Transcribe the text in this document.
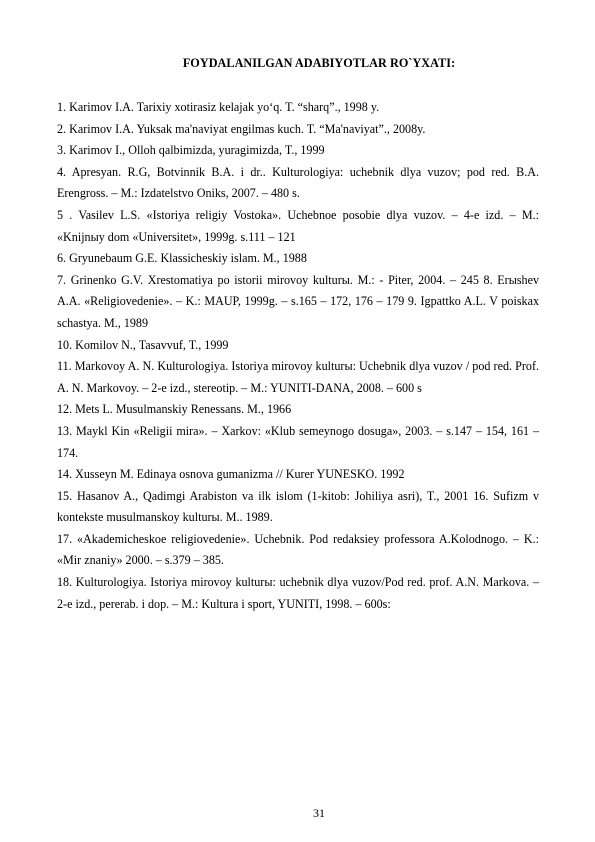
FOYDALANILGAN ADABIYOTLAR RO`YXATI:

1. Karimov I.A. Tarixiy xotirasiz kelajak yo‘q. T. “sharq”., 1998 y.

2. Karimov I.A. Yuksak ma'naviyat engilmas kuch. T. “Ma'naviyat”., 2008y.

3. Karimov I., Olloh qalbimizda, yuragimizda, T., 1999

4. Apresyan. R.G, Botvinnik B.A. i dr.. Kulturologiya: uchebnik dlya vuzov; pod red. B.A. Erengross. – M.: Izdatelstvo Oniks, 2007. – 480 s.

5 . Vasilev L.S. «Istoriya religiy Vostoka». Uchebnoe posobie dlya vuzov. – 4-e izd. – M.: «Knijnыy dom «Universitet», 1999g. s.111 – 121

6. Gryunebaum G.E. Klassicheskiy islam. M., 1988

7. Grinenko G.V. Xrestomatiya po istorii mirovoy kulturы. M.: - Piter, 2004. – 245 8. Erыshev A.A. «Religiovedenie». – K.: MAUP, 1999g. – s.165 – 172, 176 – 179 9. Igpattko A.L. V poiskax schastya. M., 1989

10. Komilov N., Tasavvuf, T., 1999

11. Markovoy A. N. Kulturologiya. Istoriya mirovoy kulturы: Uchebnik dlya vuzov / pod red. Prof. A. N. Markovoy. – 2-e izd., stereotip. – M.: YUNITI-DANA, 2008. – 600 s

12. Mets L. Musulmanskiy Renessans. M., 1966

13. Maykl Kin «Religii mira». – Xarkov: «Klub semeynogo dosuga», 2003. – s.147 – 154, 161 – 174.

14. Xusseyn M. Edinaya osnova gumanizma // Kurer YUNESKO. 1992

15. Hasanov A., Qadimgi Arabiston va ilk islom (1-kitob: Johiliya asri), T., 2001 16. Sufizm v kontekste musulmanskoy kulturы. M.. 1989.

17. «Akademicheskoe religiovedenie». Uchebnik. Pod redaksiey professora A.Kolodnogo. – K.: «Mir znaniy» 2000. – s.379 – 385.

18. Kulturologiya. Istoriya mirovoy kulturы: uchebnik dlya vuzov/Pod red. prof. A.N. Markova. – 2-e izd., pererab. i dop. – M.: Kultura i sport, YUNITI, 1998. – 600s:

31
